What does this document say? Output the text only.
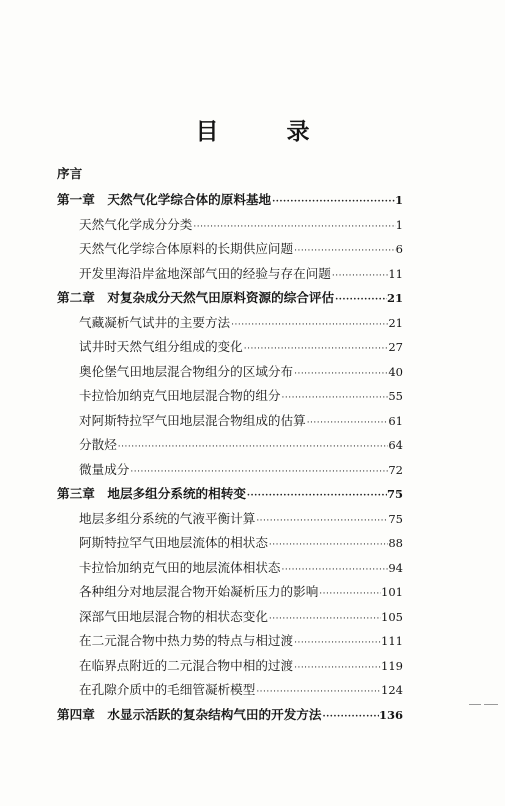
目 录
序言
第一章　天然气化学综合体的原料基地 ·····	1
天然气化学成分分类 ·····	1
天然气化学综合体原料的长期供应问题 ·····	6
开发里海沿岸盆地深部气田的经验与存在问题 ·····	11
第二章　对复杂成分天然气田原料资源的综合评估 ·····	21
气藏凝析气试井的主要方法 ·····	21
试井时天然气组分组成的变化 ·····	27
奥伦堡气田地层混合物组分的区域分布 ·····	40
卡拉恰加纳克气田地层混合物的组分 ·····	55
对阿斯特拉罕气田地层混合物组成的估算 ·····	61
分散烃 ·····	64
微量成分 ·····	72
第三章　地层多组分系统的相转变 ·····	75
地层多组分系统的气液平衡计算 ·····	75
阿斯特拉罕气田地层流体的相状态 ·····	88
卡拉恰加纳克气田的地层流体相状态 ·····	94
各种组分对地层混合物开始凝析压力的影响 ·····	101
深部气田地层混合物的相状态变化 ·····	105
在二元混合物中热力势的特点与相过渡 ·····	111
在临界点附近的二元混合物中相的过渡 ·····	119
在孔隙介质中的毛细管凝析模型 ·····	124
第四章　水显示活跃的复杂结构气田的开发方法 ·····	136
